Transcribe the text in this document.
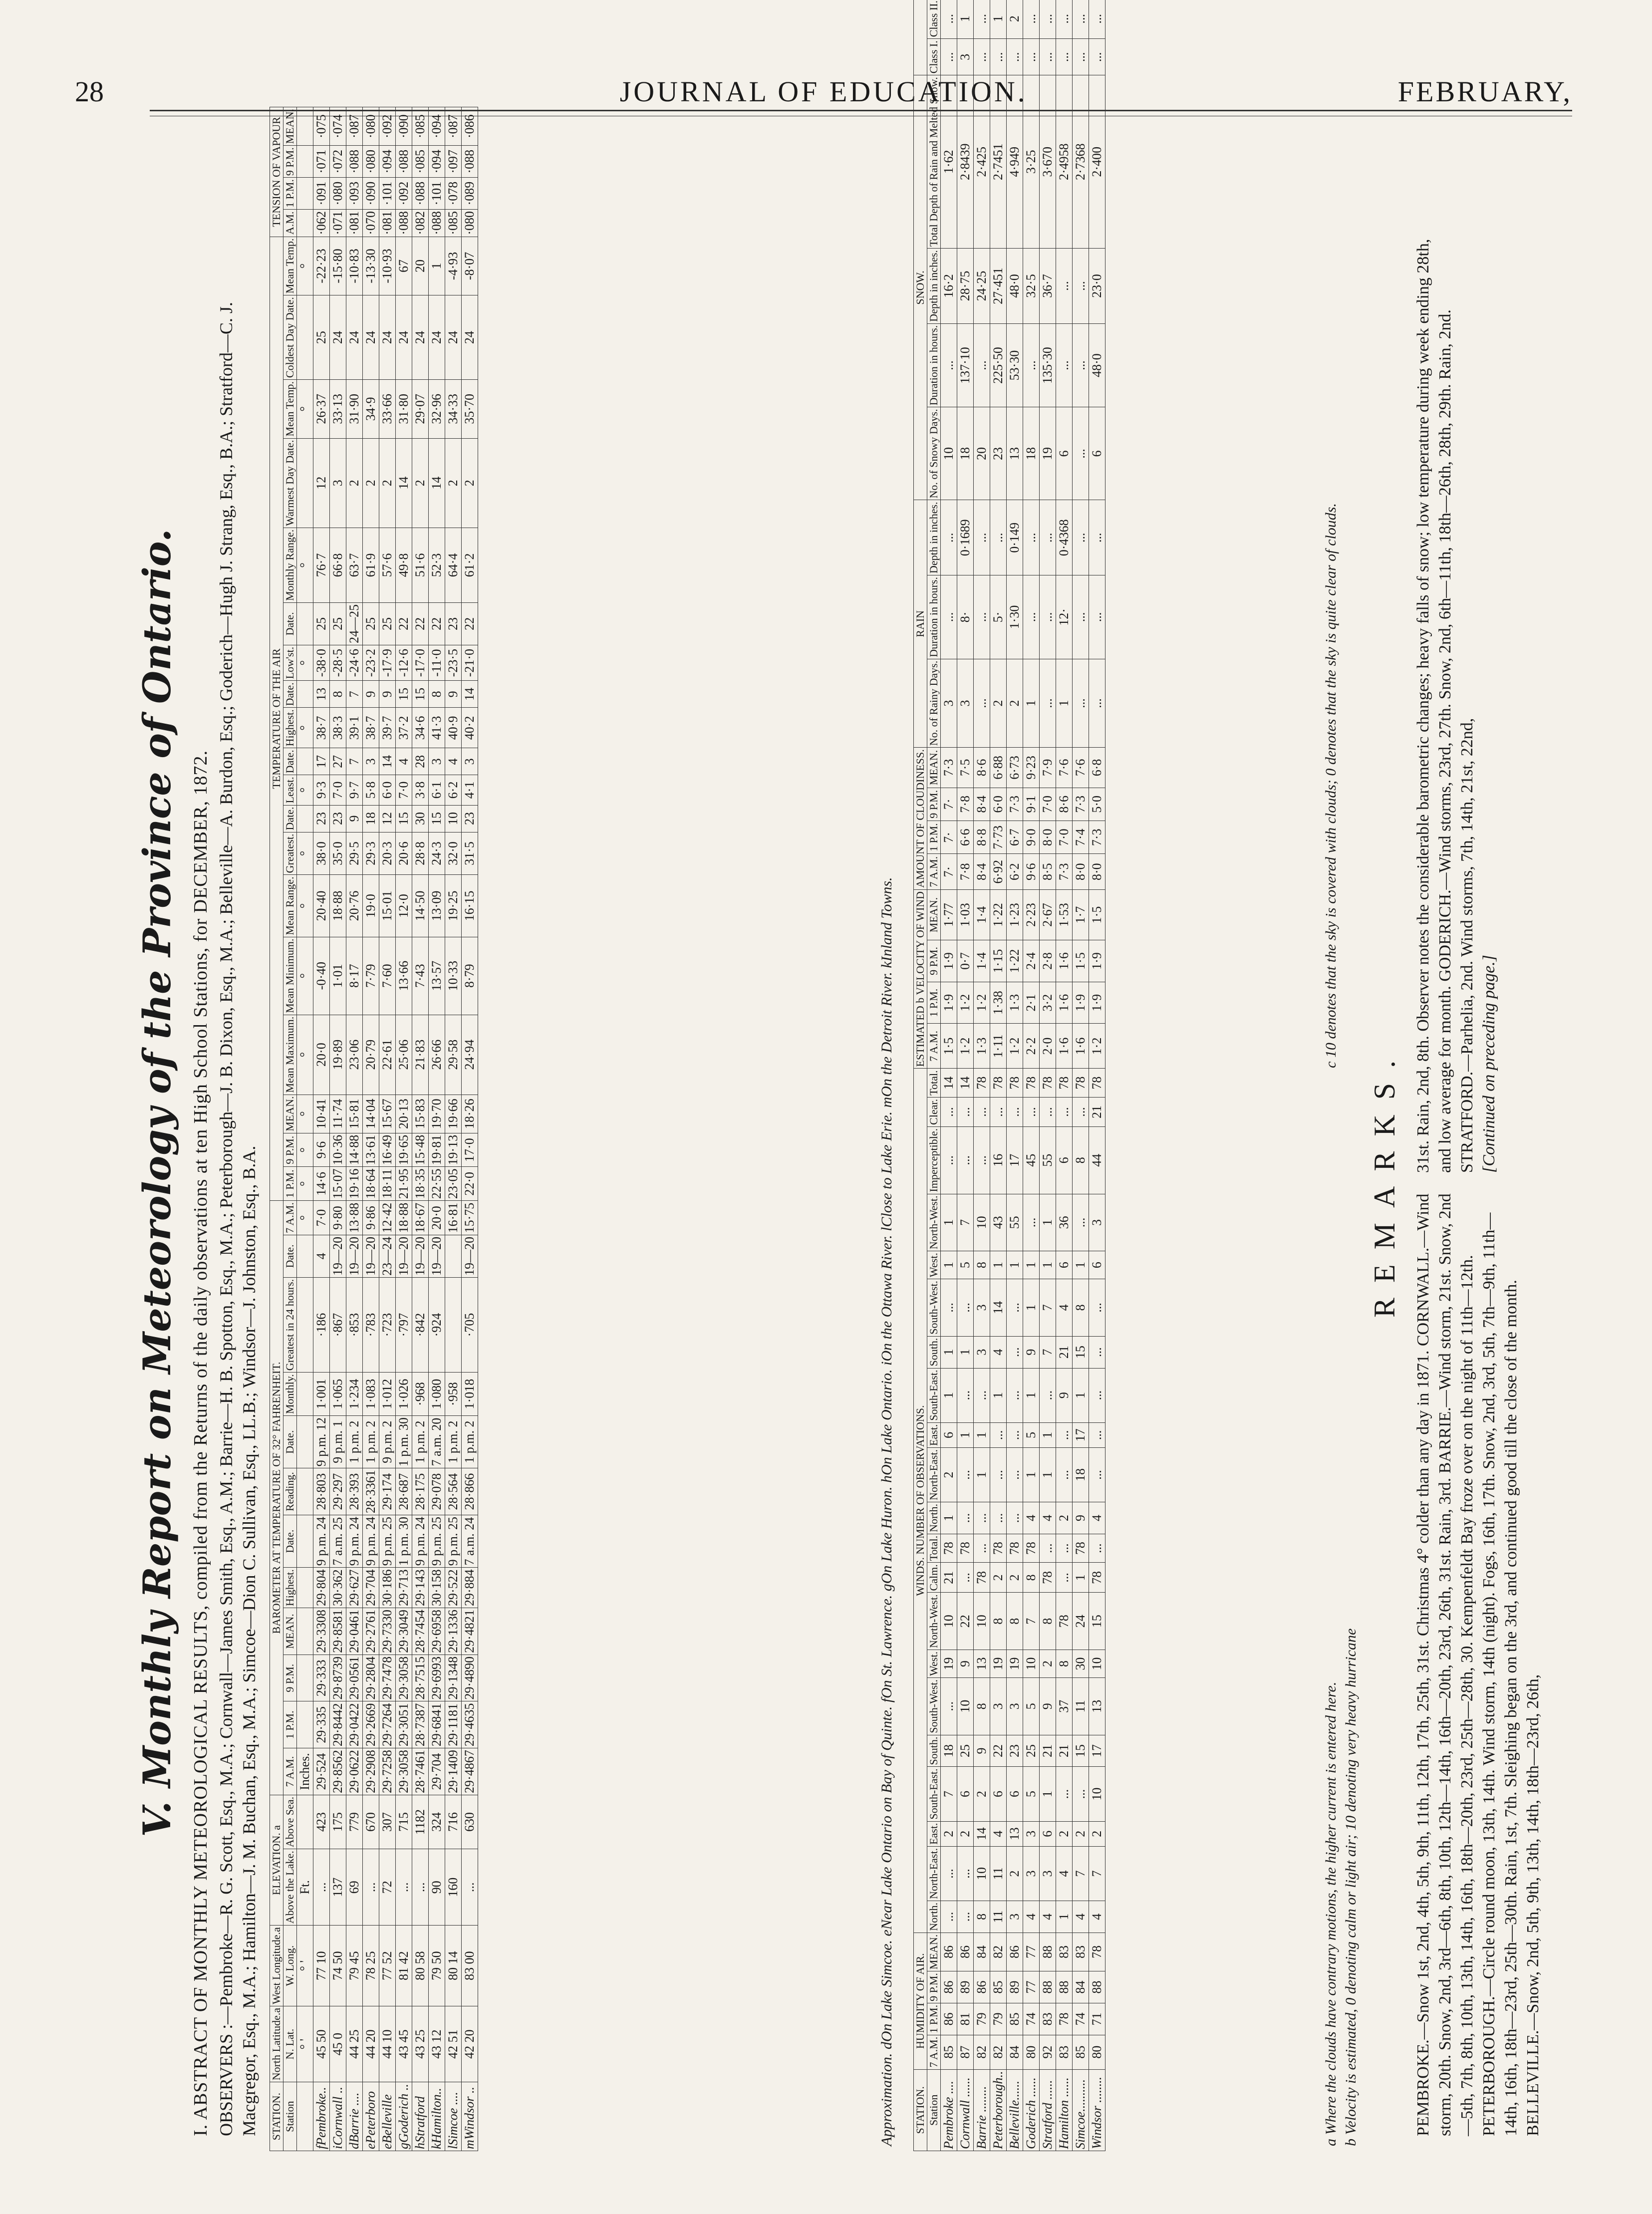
28	JOURNAL OF EDUCATION.	FEBRUARY,
V. Monthly Report on Meteorology of the Province of Ontario. I. ABSTRACT OF MONTHLY METEOROLOGICAL RESULTS, compiled from the Returns of the daily observations at ten High School Stations, for DECEMBER, 1872. OBSERVERS :—Pembroke—R. G. Scott, Esq., M.A.; Cornwall—James Smith, Esq., A.M.; Barrie—H. B. Spotton, Esq., M.A.; Peterborough—J. B. Dixon, Esq., M.A.; Belleville—A. Burdon, Esq.; Goderich—Hugh J. Strang, Esq., B.A.; Stratford—C. J. Macgregor, Esq., M.A.; Hamilton—J. M. Buchan, Esq., M.A.; Simcoe—Dion C. Sullivan, Esq., LL.B.; Windsor—J. Johnston, Esq., B.A. STATION.	North Latitude.a	West Longitude.a	ELEVATION. a		BAROMETER AT TEMPERATURE OF 32° FAHRENHEIT.												TEMPERATURE OF THE AIR																			TENSION OF VAPOUR			
Station	N. Lat.	W. Long.	Above the Lake.	Above Sea.	7 A.M.	1 P.M.	9 P.M.	MEAN.	Highest.	Date.	Reading.	Date.	Monthly.	Greatest in 24 hours.	Date.	7 A.M.	1 P.M.	9 P.M.	MEAN.	Mean Maximum.	Mean Minimum.	Mean Range.	Greatest.	Date.	Least.	Date.	Highest.	Date.	Low'st.	Date.	Monthly Range.	Warmest Day Date.	Mean Temp.	Coldest Day Date.	Mean Temp.	A.M.	1 P.M.	9 P.M.	MEAN.
	° '	° '	Ft.		Inches.											°	°	°	°	°	°	°	°		°		°		°		°		°		°				
fPembroke..	45 50	77 10	...	423	29·524	29·335	29·333	29·3308	29·804	9 p.m. 24	28·803	9 p.m. 12	1·001	·186	4	7·0	14·6	9·6	10·41	20·0	-0·40	20·40	38·0	23	9·3	17	38·7	13	-38·0	25	76·7	12	26·37	25	-22·23	·062	·091	·071	·075
iCornwall ..	45 0	74 50	137	175	29·8562	29·8442	29·8739	29·8581	30·362	7 a.m. 25	29·297	9 p.m. 1	1·065	·867	19—20	9·80	15·07	10·36	11·74	19·89	1·01	18·88	35·0	23	7·0	27	38·3	8	-28·5	25	66·8	3	33·13	24	-15·80	·071	·080	·072	·074
dBarrie ....	44 25	79 45	69	779	29·0622	29·0422	29·0561	29·0461	29·627	9 p.m. 24	28·393	1 p.m. 2	1·234	·853	19—20	13·88	19·16	14·88	15·81	23·06	8·17	20·76	29·5	9	9·7	7	39·1	7	-24·6	24—25	63·7	2	31·90	24	-10·83	·081	·093	·088	·087
ePeterboro	44 20	78 25	...	670	29·2908	29·2669	29·2804	29·2761	29·704	9 p.m. 24	28·3361	1 p.m. 2	1·083	·783	19—20	9·86	18·64	13·61	14·04	20·79	7·79	19·0	29·3	18	5·8	3	38·7	9	-23·2	25	61·9	2	34·9	24	-13·30	·070	·090	·080	·080
eBelleville	44 10	77 52	72	307	29·7258	29·7264	29·7478	29·7330	30·186	9 p.m. 25	29·174	9 p.m. 2	1·012	·723	23—24	12·42	18·11	16·49	15·67	22·61	7·60	15·01	20·3	12	6·0	14	39·7	9	-17·9	25	57·6	2	33·66	24	-10·93	·081	·101	·094	·092
gGoderich ..	43 45	81 42	...	715	29·3058	29·3051	29·3058	29·3049	29·713	1 p.m. 30	28·687	1 p.m. 30	1·026	·797	19—20	18·88	21·95	19·65	20·13	25·06	13·66	12·0	20·6	15	7·0	4	37·2	15	-12·6	22	49·8	14	31·80	24	67	·088	·092	·088	·090
hStratford	43 25	80 58	...	1182	28·7461	28·7387	28·7515	28·7454	29·143	9 p.m. 24	28·175	1 p.m. 2	·968	·842	19—20	18·67	18·35	15·48	15·83	21·83	7·43	14·50	28·8	30	3·8	28	34·6	15	-17·0	22	51·6	2	29·07	24	20	·082	·088	·085	·085
kHamilton..	43 12	79 50	90	324	29·704	29·6841	29·6993	29·6958	30·158	9 p.m. 25	29·078	7 a.m. 20	1·080	·924	19—20	20·0	22·55	19·81	19·70	26·66	13·57	13·09	24·3	15	6·1	3	41·3	8	-11·0	22	52·3	14	32·96	24	1	·088	·101	·094	·094
lSimcoe ....	42 51	80 14	160	716	29·1409	29·1181	29·1348	29·1336	29·522	9 p.m. 25	28·564	1 p.m. 2	·958			16·81	23·05	19·13	19·66	29·58	10·33	19·25	32·0	10	6·2	4	40·9	9	-23·5	23	64·4	2	34·33	24	-4·93	·085	·078	·097	·087
mWindsor ..	42 20	83 00	...	630	29·4867	29·4635	29·4890	29·4821	29·884	7 a.m. 24	28·866	1 p.m. 2	1·018	·705	19—20	15·75	22·0	17·0	18·26	24·94	8·79	16·15	31·5	23	4·1	3	40·2	14	-21·0	22	61·2	2	35·70	24	-8·07	·080	·089	·088	·086
Approximation. dOn Lake Simcoe. eNear Lake Ontario on Bay of Quinte. fOn St. Lawrence. gOn Lake Huron. hOn Lake Ontario. iOn the Ottawa River. lClose to Lake Erie. mOn the Detroit River. kInland Towns. STATION.	HUMIDITY OF AIR.				WINDS. NUMBER OF OBSERVATIONS.																					ESTIMATED b VELOCITY OF WIND				AMOUNT OF CLOUDINESS.				RAIN			SNOW.	
Station	7 A.M.	1 P.M.	9 P.M.	MEAN.	North.	North-East.	East.	South-East.	South.	South-West.	West.	North-West.	Calm.	Total.	North.	North-East.	East.	South-East.	South.	South-West.	West.	North-West.	Imperceptible.	Clear.	Total.	7 A.M.	1 P.M.	9 P.M.	MEAN.	7 A.M.	1 P.M.	9 P.M.	MEAN.	No. of Rainy Days.	Duration in hours.	Depth in inches.	No. of Snowy Days.	Duration in hours.	Depth in inches.	Total Depth of Rain and Melted Snow.	Class I.	Class II.						
Pembroke ....	85	86	86	86	...	...	2	7	18	...	19	10	21	78	1	2	6	1	1	...	1	1	...	...	14	1·5	1·9	1·9	1·77	7·	7·	7·	7·3	3	...	...	10	...	16·2	1·62	...	...						
Cornwall ......	87	81	89	86	...	...	2	6	25	10	9	22	...	78	...	...	1	...	1	...	5	7	...	...	14	1·2	1·2	0·7	1·03	7·8	6·6	7·8	7·5	3	8·	0·1689	18	137·10	28·75	2·8439	3	1						
Barrie ........	82	79	86	84	8	10	14	2	9	8	13	10	78	...	...	1	1	...	3	3	8	10	...	...	78	1·3	1·2	1·4	1·4	8·4	8·8	8·4	8·6	...	...	...	20	...	24·25	2·425	...	...						
Peterborough..	82	79	85	82	11	11	4	6	22	3	19	8	2	78	...	...	...	1	4	14	1	43	16	...	78	1·11	1·38	1·15	1·22	6·92	7·73	6·0	6·88	2	5·	...	23	225·50	27·451	2·7451	...	1						
Belleville......	84	85	89	86	3	2	13	6	23	3	19	8	2	78	...	...	...	...	...	...	1	55	17	...	78	1·2	1·3	1·22	1·23	6·2	6·7	7·3	6·73	2	1·30	0·149	13	53·30	48·0	4·949	...	2						
Goderich ......	80	74	77	77	4	3	3	5	25	5	10	7	8	78	4	1	5	1	9	1	1	...	45	...	78	2·2	2·1	2·4	2·23	9·6	9·0	9·1	9·23	1	...	...	18	...	32·5	3·25	...	...						
Stratford ......	92	83	88	88	4	3	6	1	21	9	2	8	78	...	4	1	1	...	7	7	1	1	55	...	78	2·0	3·2	2·8	2·67	8·5	8·0	7·0	7·9	...	...	...	19	135·30	36·7	3·670	...	...						
Hamilton ......	83	78	88	83	1	4	2	...	21	37	8	78	...	...	2	...	...	9	21	4	6	36	6	...	78	1·6	1·6	1·6	1·53	7·3	7·0	8·6	7·6	1	12·	0·4368	6	...	...	2·4958	...	...						
Simcoe..........	85	74	84	83	4	7	2	...	15	11	30	24	1	78	9	18	17	1	15	8	1	...	8	...	78	1·6	1·9	1·5	1·7	8·0	7·4	7·3	7·6	...	...	...	...	...	...	2·7368	...	...						
Windsor ........	80	71	88	78	4	7	2	10	17	13	10	15	78	...	4	...	...	...	...	...	6	3	44	21	78	1·2	1·9	1·9	1·5	8·0	7·3	5·0	6·8	...	...	...	6	48·0	23·0	2·400	...	...						
a Where the clouds have contrary motions, the higher current is entered here. b Velocity is estimated, 0 denoting calm or light air; 10 denoting very heavy hurricane
c 10 denotes that the sky is covered with clouds; 0 denotes that the sky is quite clear of clouds.
REMARKS.
PEMBROKE.—Snow 1st, 2nd, 4th, 5th, 9th, 11th, 12th, 17th, 25th, 31st. Christmas 4° colder than any day in 1871. CORNWALL.—Wind storm, 20th. Snow, 2nd, 3rd—6th, 8th, 10th, 12th—14th, 16th—20th, 23rd, 26th, 31st. Rain, 3rd. BARRIE.—Wind storm, 21st. Snow, 2nd—5th, 7th, 8th, 10th, 13th, 14th, 16th, 18th—20th, 23rd, 25th—28th, 30. Kempenfeldt Bay froze over on the night of 11th—12th. PETERBOROUGH.—Circle round moon, 13th, 14th. Wind storm, 14th (night). Fogs, 16th, 17th. Snow, 2nd, 3rd, 5th, 7th—9th, 11th—14th, 16th, 18th—23rd, 25th—30th. Rain, 1st, 7th. Sleighing began on the 3rd, and continued good till the close of the month. BELLEVILLE.—Snow, 2nd, 5th, 9th, 13th, 14th, 18th—23rd, 26th,
31st. Rain, 2nd, 8th. Observer notes the considerable barometric changes; heavy falls of snow; low temperature during week ending 28th, and low average for month. GODERICH.—Wind storms, 23rd, 27th. Snow, 2nd, 6th—11th, 18th—26th, 28th, 29th. Rain, 2nd. STRATFORD.—Parhelia, 2nd. Wind storms, 7th, 14th, 21st, 22nd, [Continued on preceding page.]
